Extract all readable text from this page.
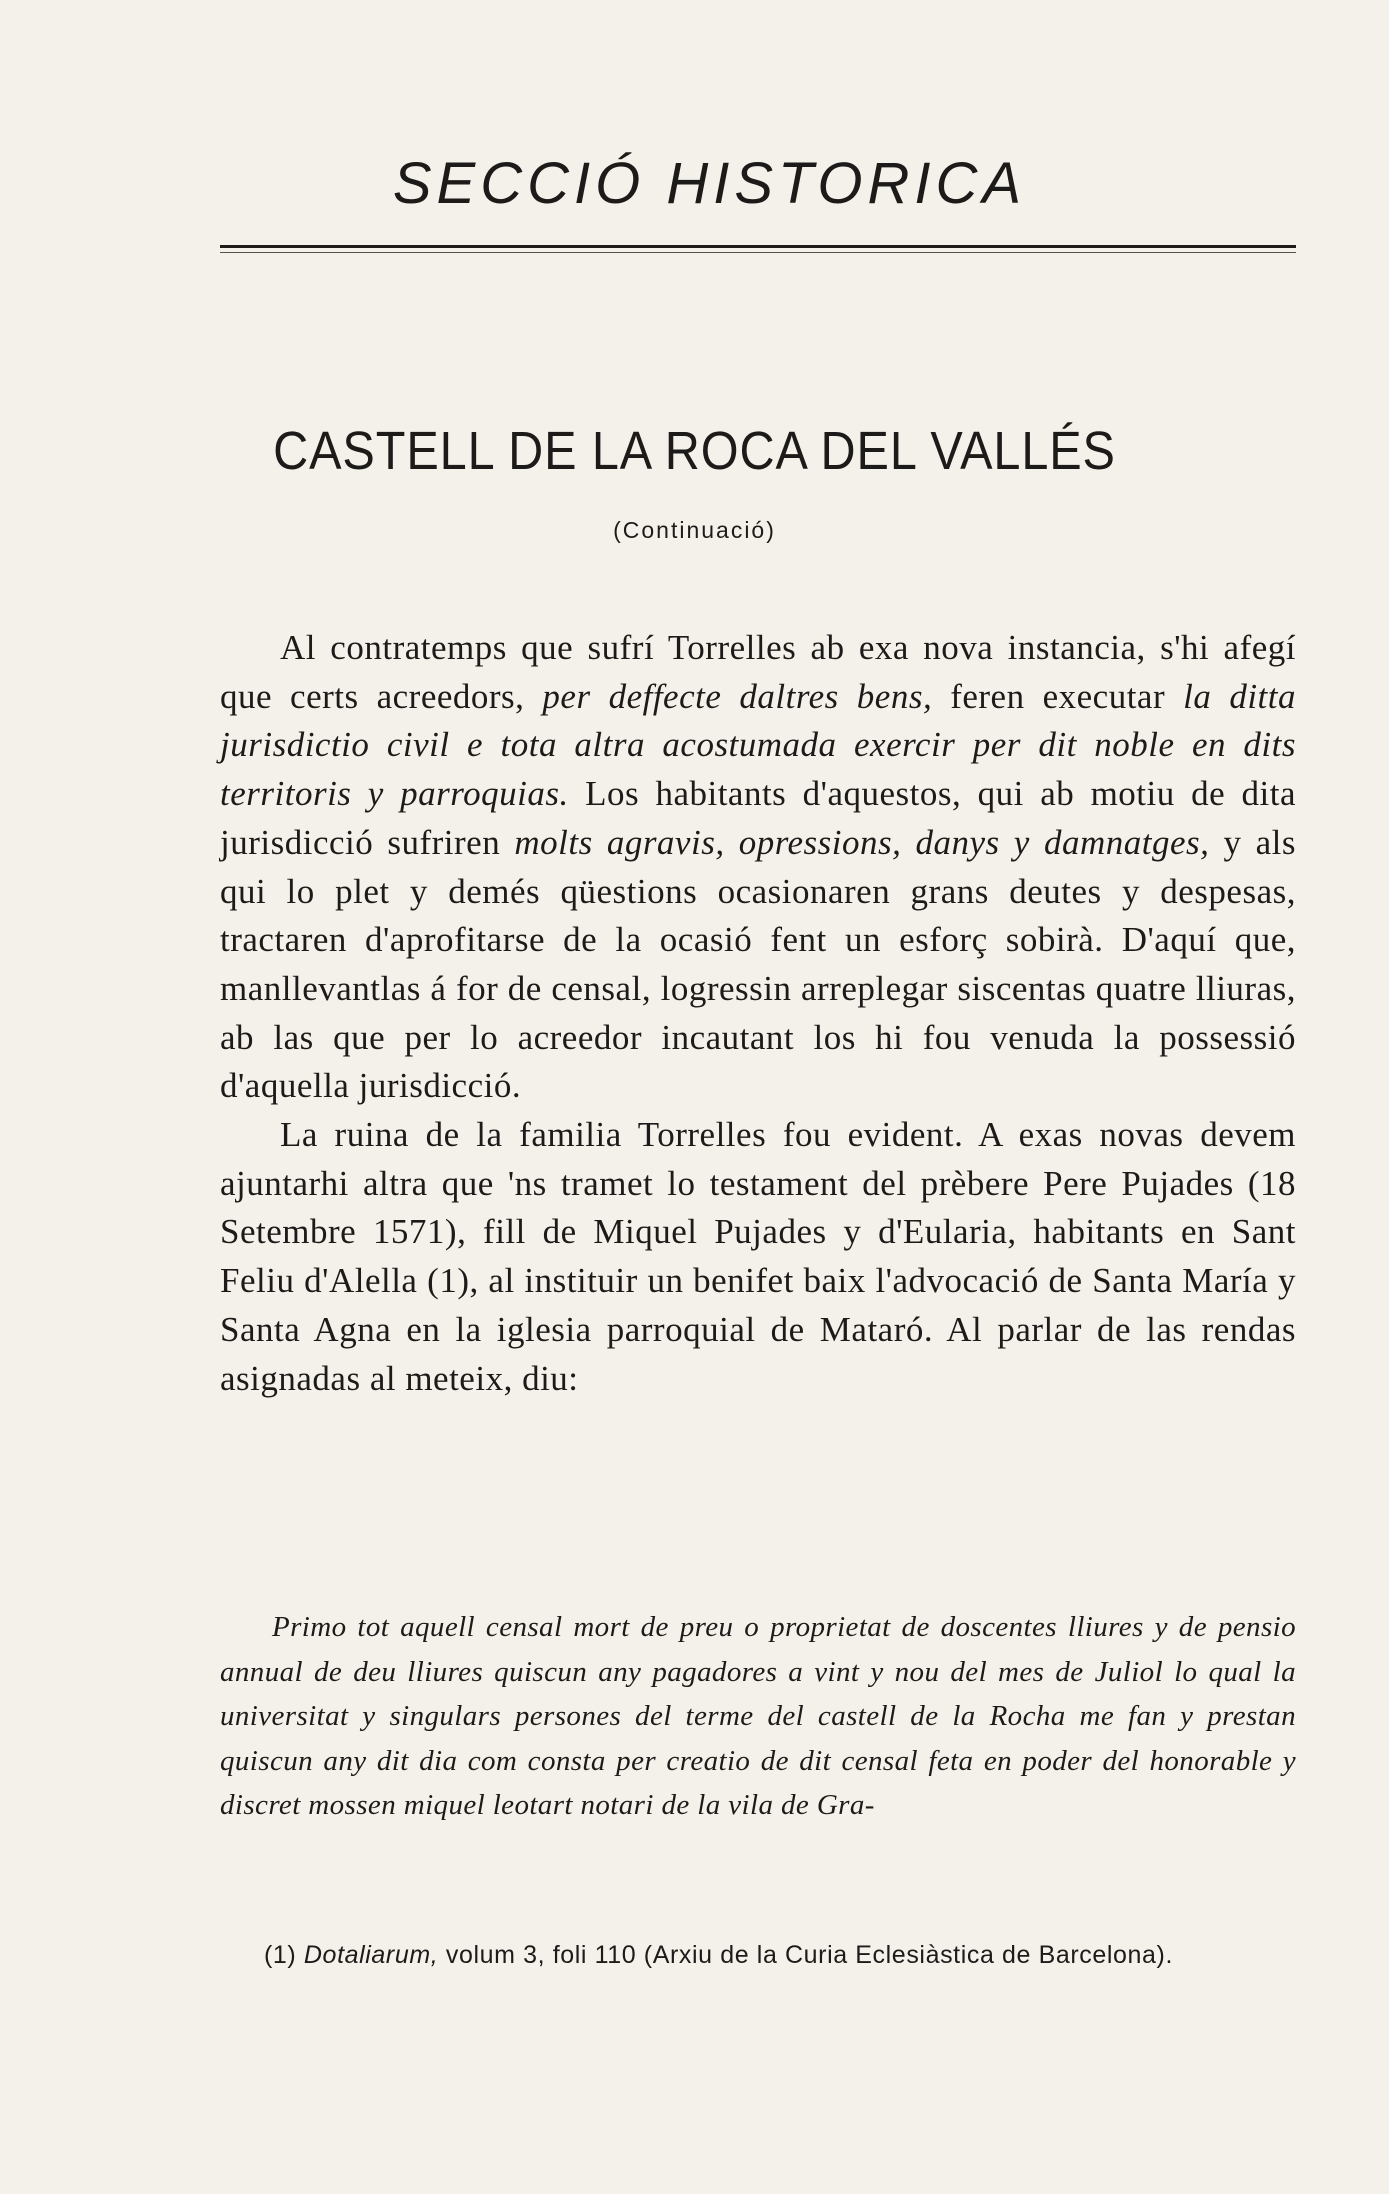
SECCIÓ HISTORICA
CASTELL DE LA ROCA DEL VALLÉS
(Continuació)

Al contratemps que sufrí Torrelles ab exa nova instancia, s'hi afegí que certs acreedors, per deffecte daltres bens, feren executar la ditta jurisdictio civil e tota altra acostumada exercir per dit noble en dits territoris y parroquias. Los habitants d'aquestos, qui ab motiu de dita jurisdicció sufriren molts agravis, opressions, danys y damnatges, y als qui lo plet y demés qüestions ocasionaren grans deutes y despesas, tractaren d'aprofitarse de la ocasió fent un esforç sobirà. D'aquí que, manllevantlas á for de censal, logressin arreplegar siscentas quatre lliuras, ab las que per lo acreedor incautant los hi fou venuda la possessió d'aquella jurisdicció.

La ruina de la familia Torrelles fou evident. A exas novas devem ajuntarhi altra que 'ns tramet lo testament del prèbere Pere Pujades (18 Setembre 1571), fill de Miquel Pujades y d'Eularia, habitants en Sant Feliu d'Alella (1), al instituir un benifet baix l'advocació de Santa María y Santa Agna en la iglesia parroquial de Mataró. Al parlar de las rendas asignadas al meteix, diu:

Primo tot aquell censal mort de preu o proprietat de doscentes lliures y de pensio annual de deu lliures quiscun any pagadores a vint y nou del mes de Juliol lo qual la universitat y singulars persones del terme del castell de la Rocha me fan y prestan quiscun any dit dia com consta per creatio de dit censal feta en poder del honorable y discret mossen miquel leotart notari de la vila de Gra-

(1) Dotaliarum, volum 3, foli 110 (Arxiu de la Curia Eclesiàstica de Barcelona).
